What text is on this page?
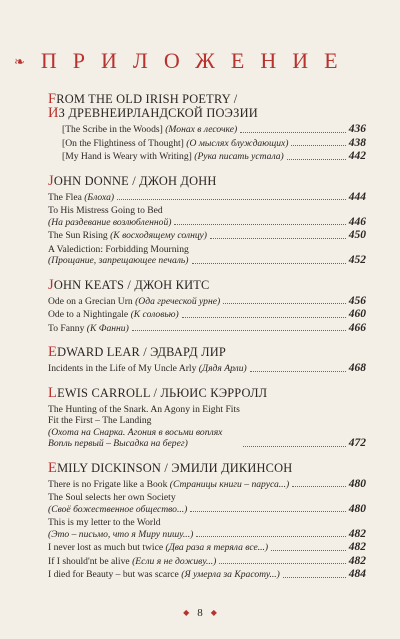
❧ ПРИЛОЖЕНИЕ
FROM THE OLD IRISH POETRY /
ИЗ ДРЕВНЕИРЛАНДСКОЙ ПОЭЗИИ
[The Scribe in the Woods] (Монах в лесочке)	436
[On the Flightiness of Thought] (О мыслях блуждающих)	438
[My Hand is Weary with Writing] (Рука писать устала)	442
JOHN DONNE / ДЖОН ДОНН
The Flea (Блоха)	444
To His Mistress Going to Bed
(На раздевание возлюбленной)	446
The Sun Rising (К восходящему солнцу)	450
A Valediction: Forbidding Mourning
(Прощание, запрещающее печаль)	452
JOHN KEATS / ДЖОН КИТС
Ode on a Grecian Urn (Ода греческой урне)	456
Ode to a Nightingale (К соловью)	460
To Fanny (К Фанни)	466
EDWARD LEAR / ЭДВАРД ЛИР
Incidents in the Life of My Uncle Arly (Дядя Арли)	468
LEWIS CARROLL / ЛЬЮИС КЭРРОЛЛ
The Hunting of the Snark. An Agony in Eight Fits
Fit the First – The Landing
(Охота на Снарка. Агония в восьми воплях
Вопль первый – Высадка на берег)	472
EMILY DICKINSON / ЭМИЛИ ДИКИНСОН
There is no Frigate like a Book (Страницы книги – паруса...)	480
The Soul selects her own Society
(Своё божественное общество...)	480
This is my letter to the World
(Это – письмо, что я Миру пишу...)	482
I never lost as much but twice (Два раза я теряла все...)	482
If I should'nt be alive (Если я не доживу...)	482
I died for Beauty – but was scarce (Я умерла за Красоту...)	484
◆ 8 ◆
